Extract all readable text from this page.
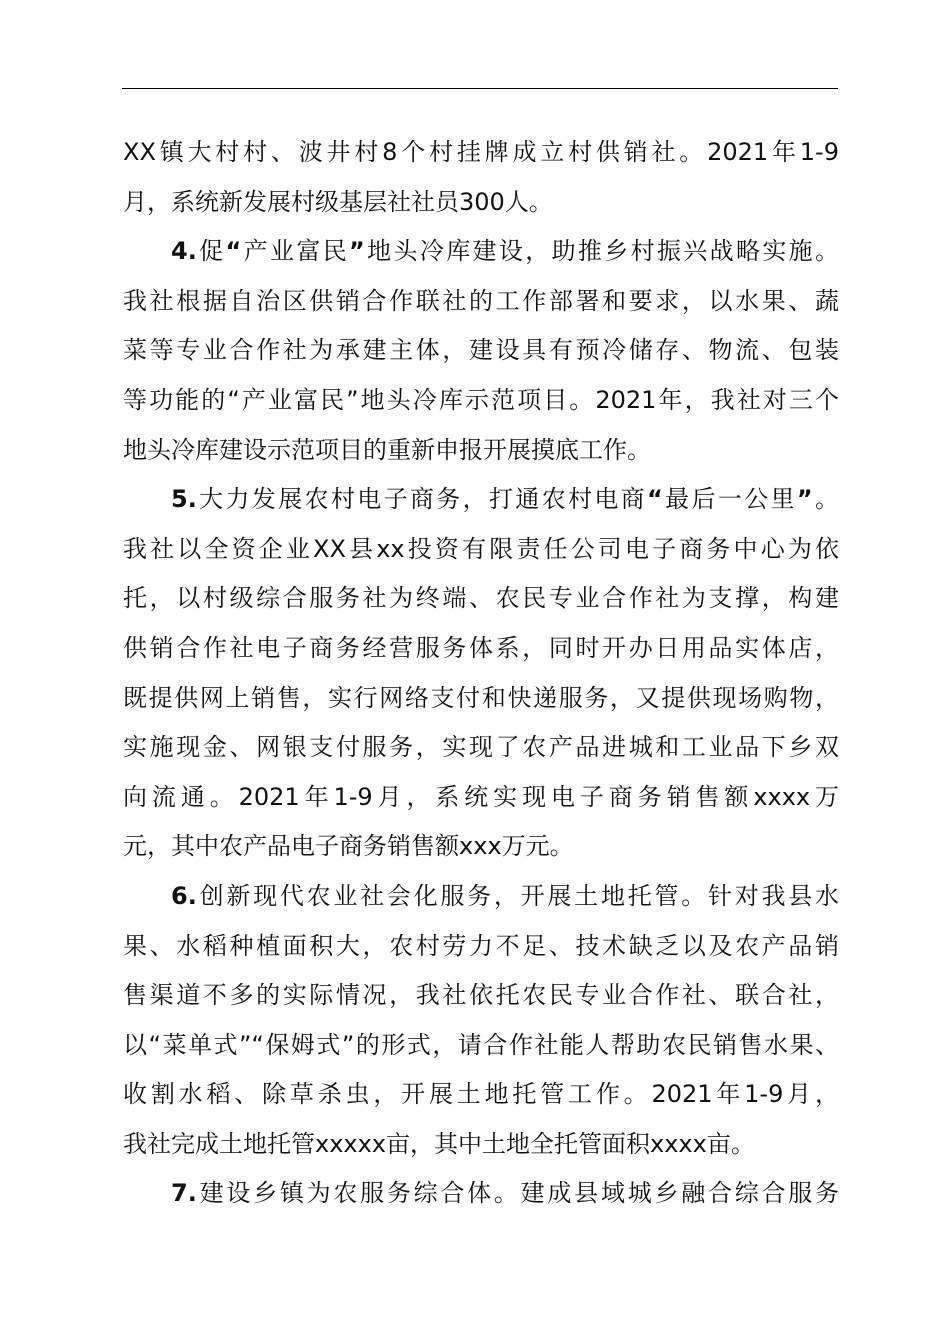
XX镇大村村、波井村8个村挂牌成立村供销社。2021年1-9
月，系统新发展村级基层社社员300人。
4.促“产业富民”地头冷库建设，助推乡村振兴战略实施。
我社根据自治区供销合作联社的工作部署和要求，以水果、蔬
菜等专业合作社为承建主体，建设具有预冷储存、物流、包装
等功能的“产业富民”地头冷库示范项目。2021年，我社对三个
地头冷库建设示范项目的重新申报开展摸底工作。
5.大力发展农村电子商务，打通农村电商“最后一公里”。
我社以全资企业XX县xx投资有限责任公司电子商务中心为依
托，以村级综合服务社为终端、农民专业合作社为支撑，构建
供销合作社电子商务经营服务体系，同时开办日用品实体店，
既提供网上销售，实行网络支付和快递服务，又提供现场购物，
实施现金、网银支付服务，实现了农产品进城和工业品下乡双
向流通。2021年1-9月，系统实现电子商务销售额xxxx万
元，其中农产品电子商务销售额xxx万元。
6.创新现代农业社会化服务，开展土地托管。针对我县水
果、水稻种植面积大，农村劳力不足、技术缺乏以及农产品销
售渠道不多的实际情况，我社依托农民专业合作社、联合社，
以“菜单式”“保姆式”的形式，请合作社能人帮助农民销售水果、
收割水稻、除草杀虫，开展土地托管工作。2021年1-9月，
我社完成土地托管xxxxx亩，其中土地全托管面积xxxx亩。
7.建设乡镇为农服务综合体。建成县域城乡融合综合服务
